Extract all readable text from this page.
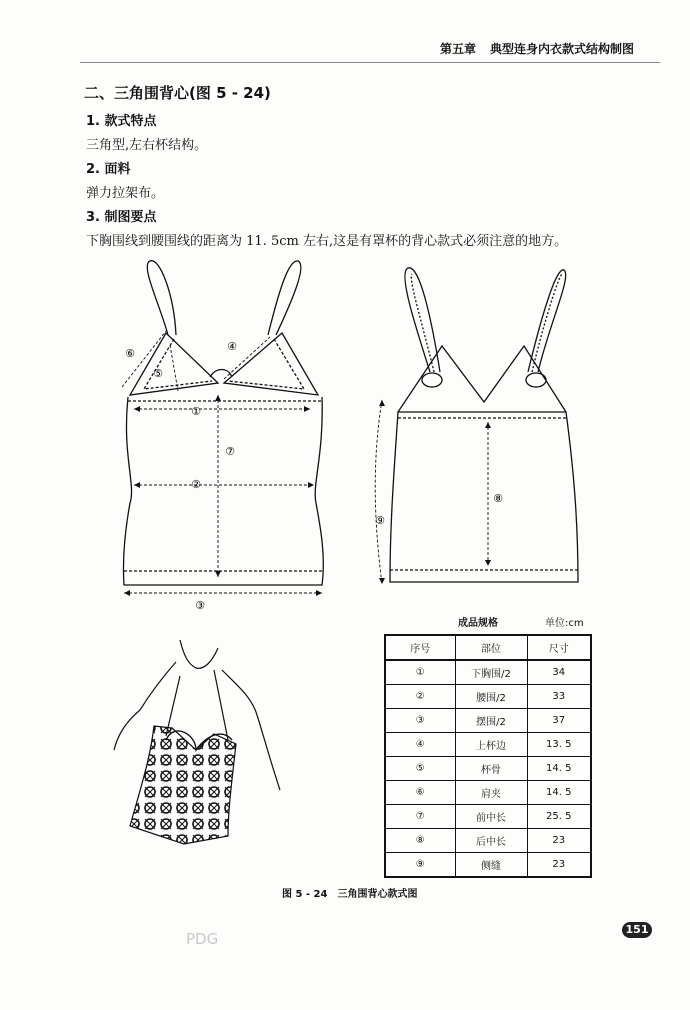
第五章 典型连身内衣款式结构制图
二、三角围背心(图 5 - 24)
1. 款式特点
三角型,左右杯结构。
2. 面料
弹力拉架布。
3. 制图要点
下胸围线到腰围线的距离为 11. 5cm 左右,这是有罩杯的背心款式必须注意的地方。
①
②
③
④
⑤
⑥
⑦
⑧
⑨
成品规格	单位:cm
序号	部位	尺寸
①	下胸围/2	34
②	腰围/2	33
③	摆围/2	37
④	上杯边	13. 5
⑤	杯骨	14. 5
⑥	肩夹	14. 5
⑦	前中长	25. 5
⑧	后中长	23
⑨	侧缝	23
图 5 - 24　三角围背心款式图
PDG
151
